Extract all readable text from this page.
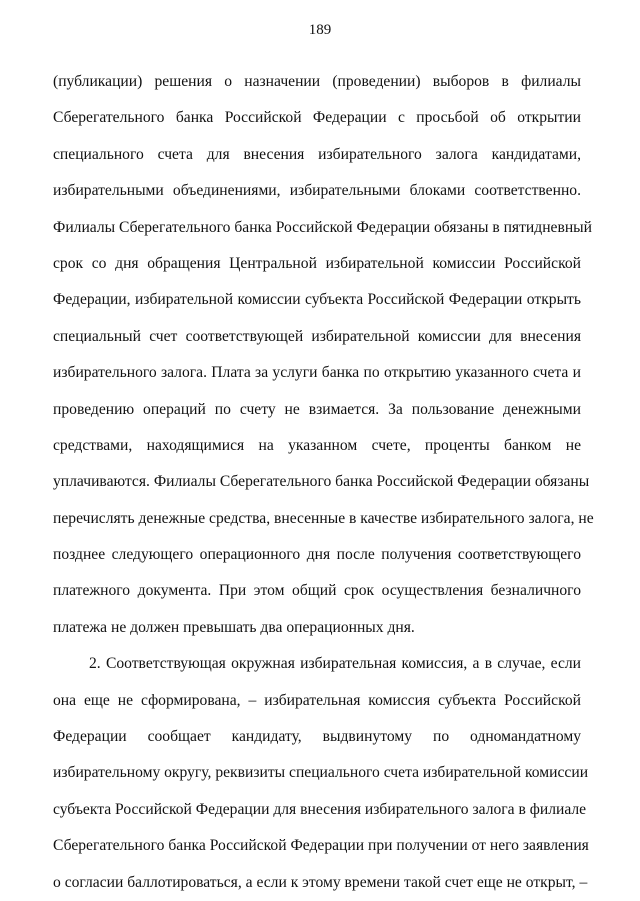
189
(публикации) решения о назначении (проведении) выборов в филиалы
Сберегательного банка Российской Федерации с просьбой об открытии
специального счета для внесения избирательного залога кандидатами,
избирательными объединениями, избирательными блоками соответственно.
Филиалы Сберегательного банка Российской Федерации обязаны в пятидневный
срок со дня обращения Центральной избирательной комиссии Российской
Федерации, избирательной комиссии субъекта Российской Федерации открыть
специальный счет соответствующей избирательной комиссии для внесения
избирательного залога. Плата за услуги банка по открытию указанного счета и
проведению операций по счету не взимается. За пользование денежными
средствами, находящимися на указанном счете, проценты банком не
уплачиваются. Филиалы Сберегательного банка Российской Федерации обязаны
перечислять денежные средства, внесенные в качестве избирательного залога, не
позднее следующего операционного дня после получения соответствующего
платежного документа. При этом общий срок осуществления безналичного
платежа не должен превышать два операционных дня.
2. Соответствующая окружная избирательная комиссия, а в случае, если
она еще не сформирована, – избирательная комиссия субъекта Российской
Федерации сообщает кандидату, выдвинутому по одномандатному
избирательному округу, реквизиты специального счета избирательной комиссии
субъекта Российской Федерации для внесения избирательного залога в филиале
Сберегательного банка Российской Федерации при получении от него заявления
о согласии баллотироваться, а если к этому времени такой счет еще не открыт, –
